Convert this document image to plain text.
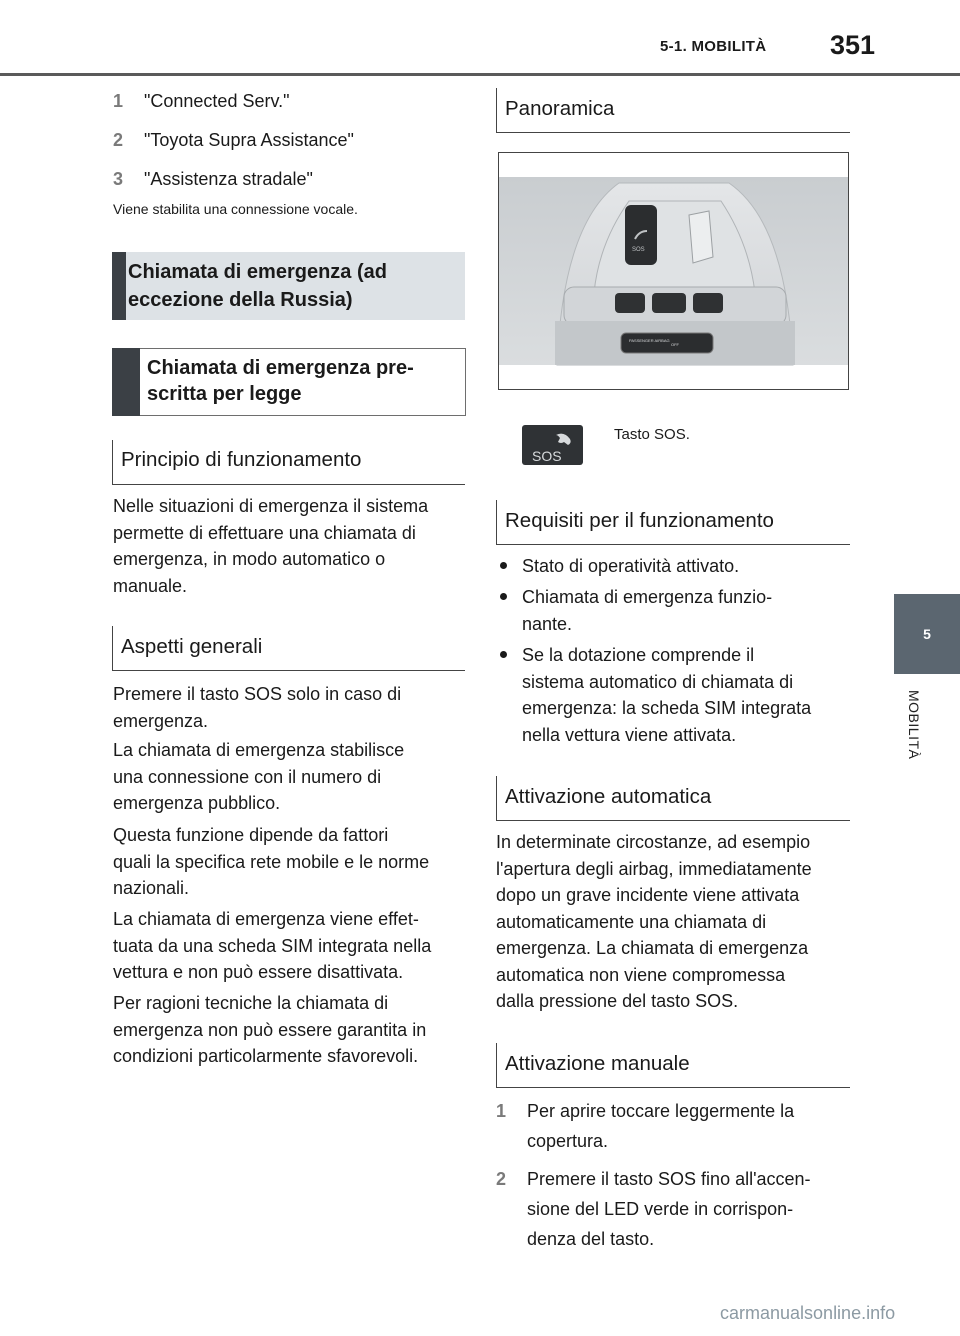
5-1. MOBILITÀ 351
5
MOBILITÀ
1 "Connected Serv."
2 "Toyota Supra Assistance"
3 "Assistenza stradale"
Viene stabilita una connessione vocale.
Chiamata di emergenza (ad
eccezione della Russia)
Chiamata di emergenza pre-
scritta per legge
Principio di funzionamento
Nelle situazioni di emergenza il sistema
permette di effettuare una chiamata di
emergenza, in modo automatico o
manuale.
Aspetti generali
Premere il tasto SOS solo in caso di
emergenza.
La chiamata di emergenza stabilisce
una connessione con il numero di
emergenza pubblico.
Questa funzione dipende da fattori
quali la specifica rete mobile e le norme
nazionali.
La chiamata di emergenza viene effet-
tuata da una scheda SIM integrata nella
vettura e non può essere disattivata.
Per ragioni tecniche la chiamata di
emergenza non può essere garantita in
condizioni particolarmente sfavorevoli.
Panoramica
SOS
PASSENGER AIRBAG
OFF
SOS
Tasto SOS.
Requisiti per il funzionamento
Stato di operatività attivato.
Chiamata di emergenza funzio-
nante.
Se la dotazione comprende il
sistema automatico di chiamata di
emergenza: la scheda SIM integrata
nella vettura viene attivata.
Attivazione automatica
In determinate circostanze, ad esempio
l'apertura degli airbag, immediatamente
dopo un grave incidente viene attivata
automaticamente una chiamata di
emergenza. La chiamata di emergenza
automatica non viene compromessa
dalla pressione del tasto SOS.
Attivazione manuale
1 Per aprire toccare leggermente la
copertura.
2 Premere il tasto SOS fino all'accen-
sione del LED verde in corrispon-
denza del tasto.
carmanualsonline.info
